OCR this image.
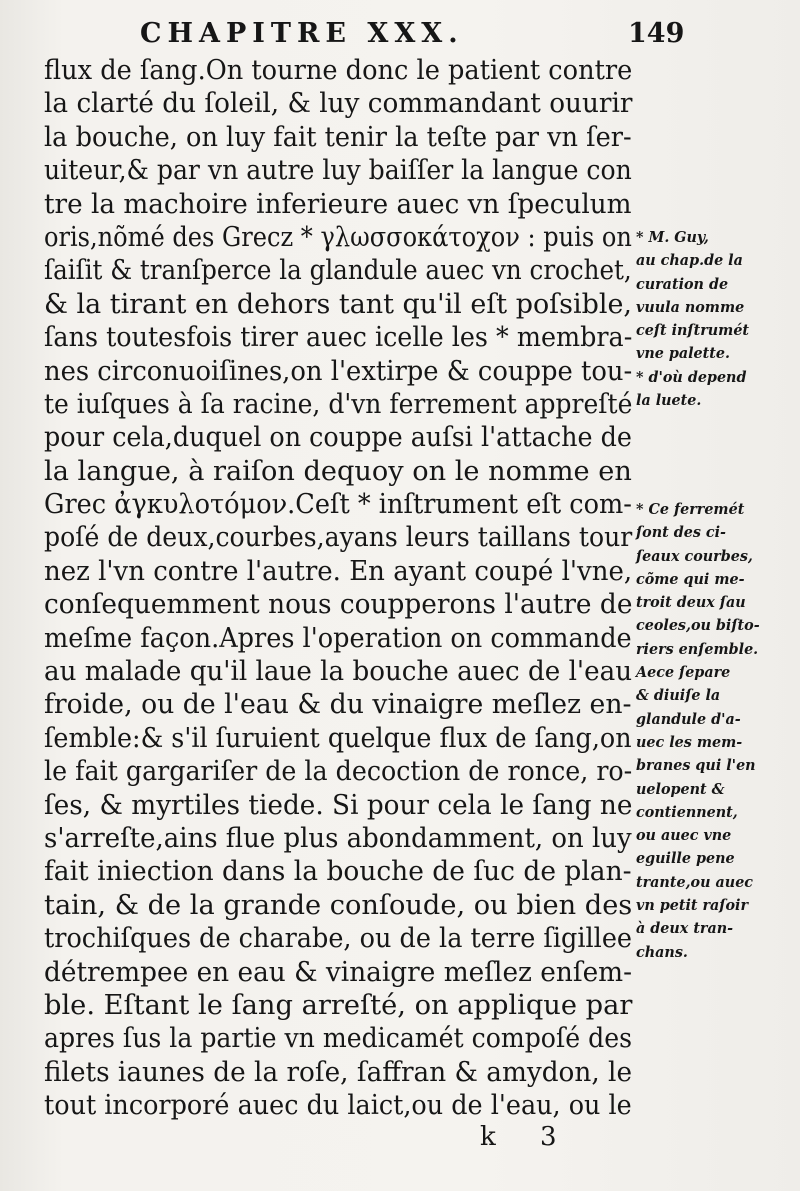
CHAPITRE XXX.	149
flux de ſang.On tourne donc le patient contre
la clarté du ſoleil, & luy commandant ouurir
la bouche, on luy fait tenir la teſte par vn ſer-
uiteur,& par vn autre luy baiſſer la langue con
tre la machoire inferieure auec vn ſpeculum
oris,nõmé des Grecz * γλωσσοκάτοχον : puis on
ſaiſit & tranſperce la glandule auec vn crochet,
& la tirant en dehors tant qu'il eſt poſsible,
ſans toutesfois tirer auec icelle les * membra-
nes circonuoiſines,on l'extirpe & couppe tou-
te iuſques à ſa racine, d'vn ferrement appreſté
pour cela,duquel on couppe auſsi l'attache de
la langue, à raiſon dequoy on le nomme en
Grec ἀγκυλοτόμον.Ceſt * inſtrument eſt com-
poſé de deux,courbes,ayans leurs taillans tour
nez l'vn contre l'autre. En ayant coupé l'vne,
conſequemment nous coupperons l'autre de
meſme façon.Apres l'operation on commande
au malade qu'il laue la bouche auec de l'eau
froide, ou de l'eau & du vinaigre meſlez en-
ſemble:& s'il ſuruient quelque flux de ſang,on
le fait gargariſer de la decoction de ronce, ro-
ſes, & myrtiles tiede. Si pour cela le ſang ne
s'arreſte,ains flue plus abondamment, on luy
fait iniection dans la bouche de ſuc de plan-
tain, & de la grande conſoude, ou bien des
trochiſques de charabe, ou de la terre ſigillee
détrempee en eau & vinaigre meſlez enſem-
ble. Eſtant le ſang arreſté, on applique par
apres ſus la partie vn medicamét compoſé des
filets iaunes de la roſe, ſaffran & amydon, le
tout incorporé auec du laict,ou de l'eau, ou le
* M. Guy,
au chap.de la
curation de
vuula nomme
ceſt inſtrumét
vne palette.
* d'où depend
la luete.
* Ce ferremét
ſont des ci-
ſeaux courbes,
cõme qui me-
troit deux ſau
ceoles,ou biſto-
riers enſemble.
Aece ſepare
& diuiſe la
glandule d'a-
uec les mem-
branes qui l'en
uelopent &
contiennent,
ou auec vne
eguille pene
trante,ou auec
vn petit raſoir
à deux tran-
chans.
k 3
